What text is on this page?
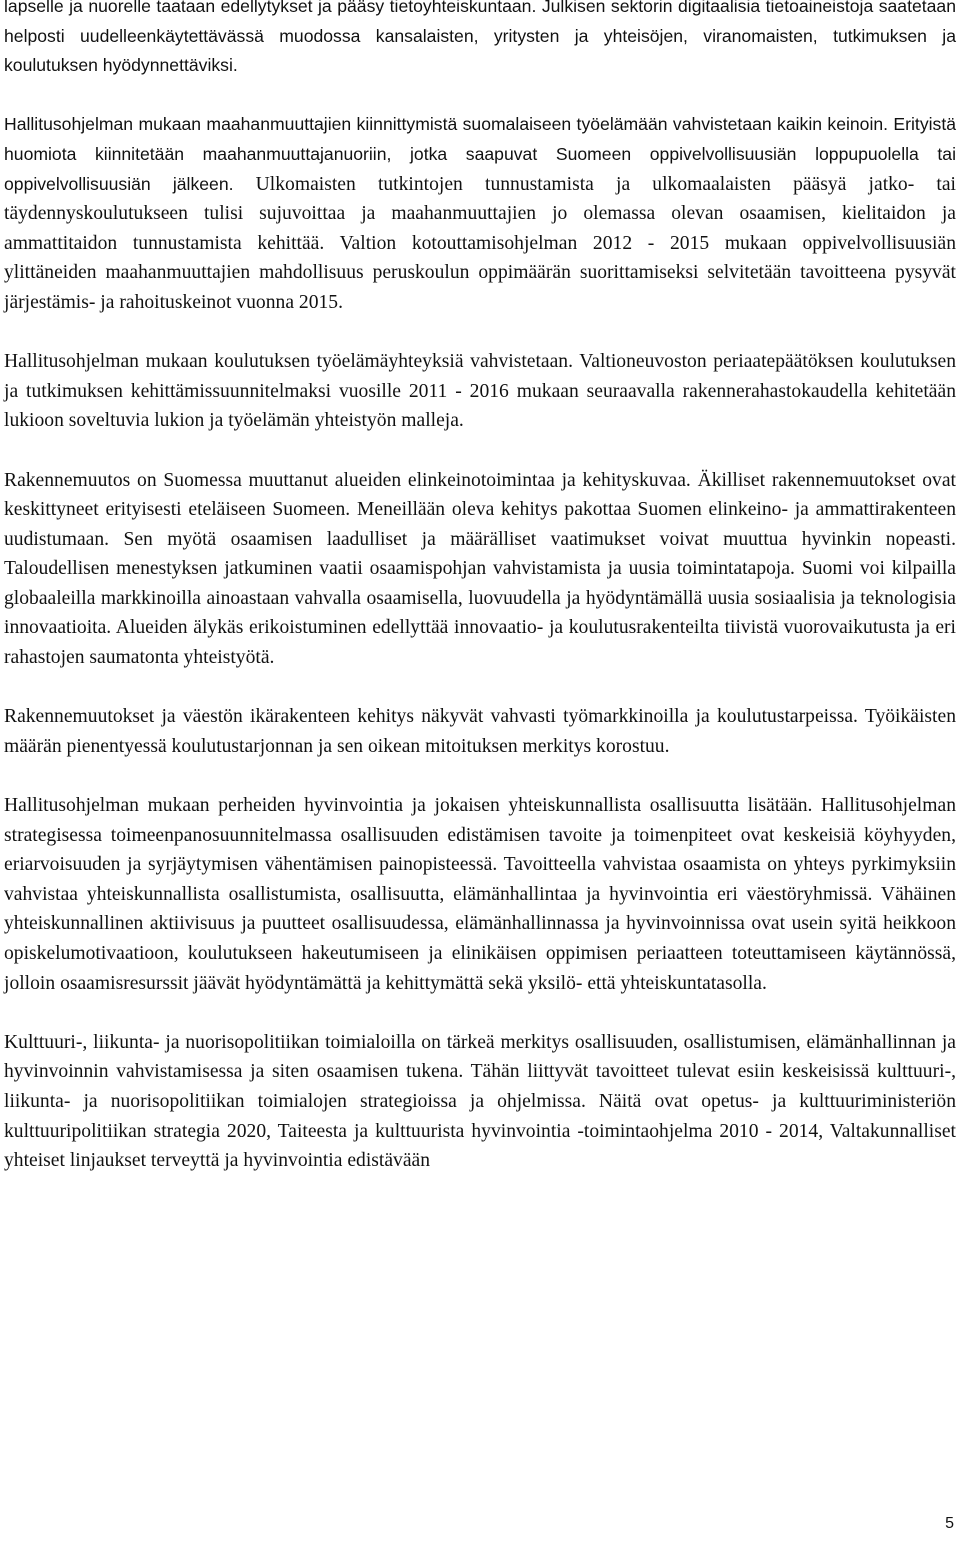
lapselle ja nuorelle taataan edellytykset ja pääsy tietoyhteiskuntaan. Julkisen sektorin digitaalisia tietoaineistoja saatetaan helposti uudelleenkäytettävässä muodossa kansalaisten, yritysten ja yhteisöjen, viranomaisten, tutkimuksen ja koulutuksen hyödynnettäviksi.

Hallitusohjelman mukaan maahanmuuttajien kiinnittymistä suomalaiseen työelämään vahvistetaan kaikin keinoin. Erityistä huomiota kiinnitetään maahanmuuttajanuoriin, jotka saapuvat Suomeen oppivelvollisuusiän loppupuolella tai oppivelvollisuusiän jälkeen. Ulkomaisten tutkintojen tunnustamista ja ulkomaalaisten pääsyä jatko- tai täydennyskoulutukseen tulisi sujuvoittaa ja maahanmuuttajien jo olemassa olevan osaamisen, kielitaidon ja ammattitaidon tunnustamista kehittää. Valtion kotouttamisohjelman 2012 - 2015 mukaan oppivelvollisuusiän ylittäneiden maahanmuuttajien mahdollisuus peruskoulun oppimäärän suorittamiseksi selvitetään tavoitteena pysyvät järjestämis- ja rahoituskeinot vuonna 2015.

Hallitusohjelman mukaan koulutuksen työelämäyhteyksiä vahvistetaan. Valtioneuvoston periaatepäätöksen koulutuksen ja tutkimuksen kehittämissuunnitelmaksi vuosille 2011 - 2016 mukaan seuraavalla rakennerahastokaudella kehitetään lukioon soveltuvia lukion ja työelämän yhteistyön malleja.

Rakennemuutos on Suomessa muuttanut alueiden elinkeinotoimintaa ja kehityskuvaa. Äkilliset rakennemuutokset ovat keskittyneet erityisesti eteläiseen Suomeen. Meneillään oleva kehitys pakottaa Suomen elinkeino- ja ammattirakenteen uudistumaan. Sen myötä osaamisen laadulliset ja määrälliset vaatimukset voivat muuttua hyvinkin nopeasti. Taloudellisen menestyksen jatkuminen vaatii osaamispohjan vahvistamista ja uusia toimintatapoja. Suomi voi kilpailla globaaleilla markkinoilla ainoastaan vahvalla osaamisella, luovuudella ja hyödyntämällä uusia sosiaalisia ja teknologisia innovaatioita. Alueiden älykäs erikoistuminen edellyttää innovaatio- ja koulutusrakenteilta tiivistä vuorovaikutusta ja eri rahastojen saumatonta yhteistyötä.

Rakennemuutokset ja väestön ikärakenteen kehitys näkyvät vahvasti työmarkkinoilla ja koulutustarpeissa. Työikäisten määrän pienentyessä koulutustarjonnan ja sen oikean mitoituksen merkitys korostuu.

Hallitusohjelman mukaan perheiden hyvinvointia ja jokaisen yhteiskunnallista osallisuutta lisätään. Hallitusohjelman strategisessa toimeenpanosuunnitelmassa osallisuuden edistämisen tavoite ja toimenpiteet ovat keskeisiä köyhyyden, eriarvoisuuden ja syrjäytymisen vähentämisen painopisteessä. Tavoitteella vahvistaa osaamista on yhteys pyrkimyksiin vahvistaa yhteiskunnallista osallistumista, osallisuutta, elämänhallintaa ja hyvinvointia eri väestöryhmissä. Vähäinen yhteiskunnallinen aktiivisuus ja puutteet osallisuudessa, elämänhallinnassa ja hyvinvoinnissa ovat usein syitä heikkoon opiskelumotivaatioon, koulutukseen hakeutumiseen ja elinikäisen oppimisen periaatteen toteuttamiseen käytännössä, jolloin osaamisresurssit jäävät hyödyntämättä ja kehittymättä sekä yksilö- että yhteiskuntatasolla.

Kulttuuri-, liikunta- ja nuorisopolitiikan toimialoilla on tärkeä merkitys osallisuuden, osallistumisen, elämänhallinnan ja hyvinvoinnin vahvistamisessa ja siten osaamisen tukena. Tähän liittyvät tavoitteet tulevat esiin keskeisissä kulttuuri-, liikunta- ja nuorisopolitiikan toimialojen strategioissa ja ohjelmissa. Näitä ovat opetus- ja kulttuuriministeriön kulttuuripolitiikan strategia 2020, Taiteesta ja kulttuurista hyvinvointia -toimintaohjelma 2010 - 2014, Valtakunnalliset yhteiset linjaukset terveyttä ja hyvinvointia edistävään

5
